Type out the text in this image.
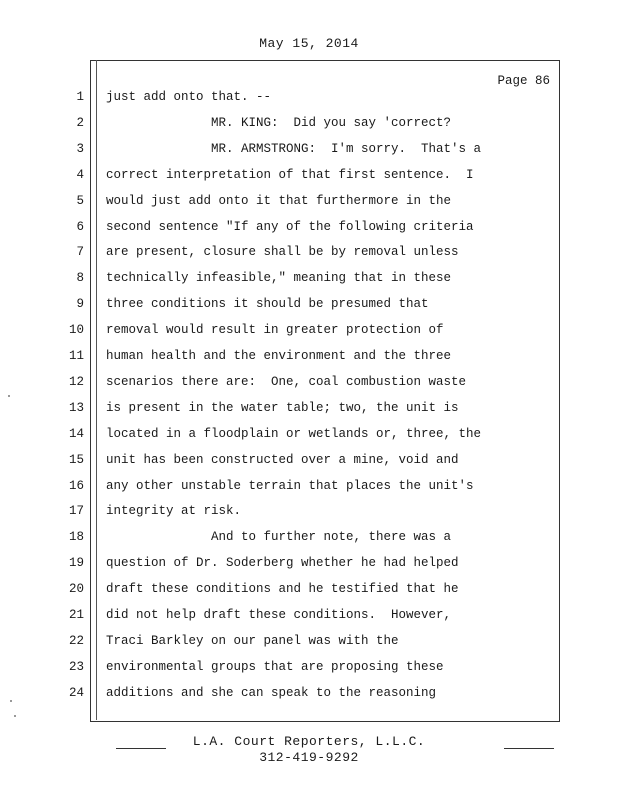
May 15, 2014
Page 86
1 just add onto that. --
2 MR. KING:  Did you say 'correct?
3 MR. ARMSTRONG:  I'm sorry.  That's a
4 correct interpretation of that first sentence.  I
5 would just add onto it that furthermore in the
6 second sentence "If any of the following criteria
7 are present, closure shall be by removal unless
8 technically infeasible," meaning that in these
9 three conditions it should be presumed that
10 removal would result in greater protection of
11 human health and the environment and the three
12 scenarios there are:  One, coal combustion waste
13 is present in the water table; two, the unit is
14 located in a floodplain or wetlands or, three, the
15 unit has been constructed over a mine, void and
16 any other unstable terrain that places the unit's
17 integrity at risk.
18 And to further note, there was a
19 question of Dr. Soderberg whether he had helped
20 draft these conditions and he testified that he
21 did not help draft these conditions.  However,
22 Traci Barkley on our panel was with the
23 environmental groups that are proposing these
24 additions and she can speak to the reasoning
L.A. Court Reporters, L.L.C.
312-419-9292
